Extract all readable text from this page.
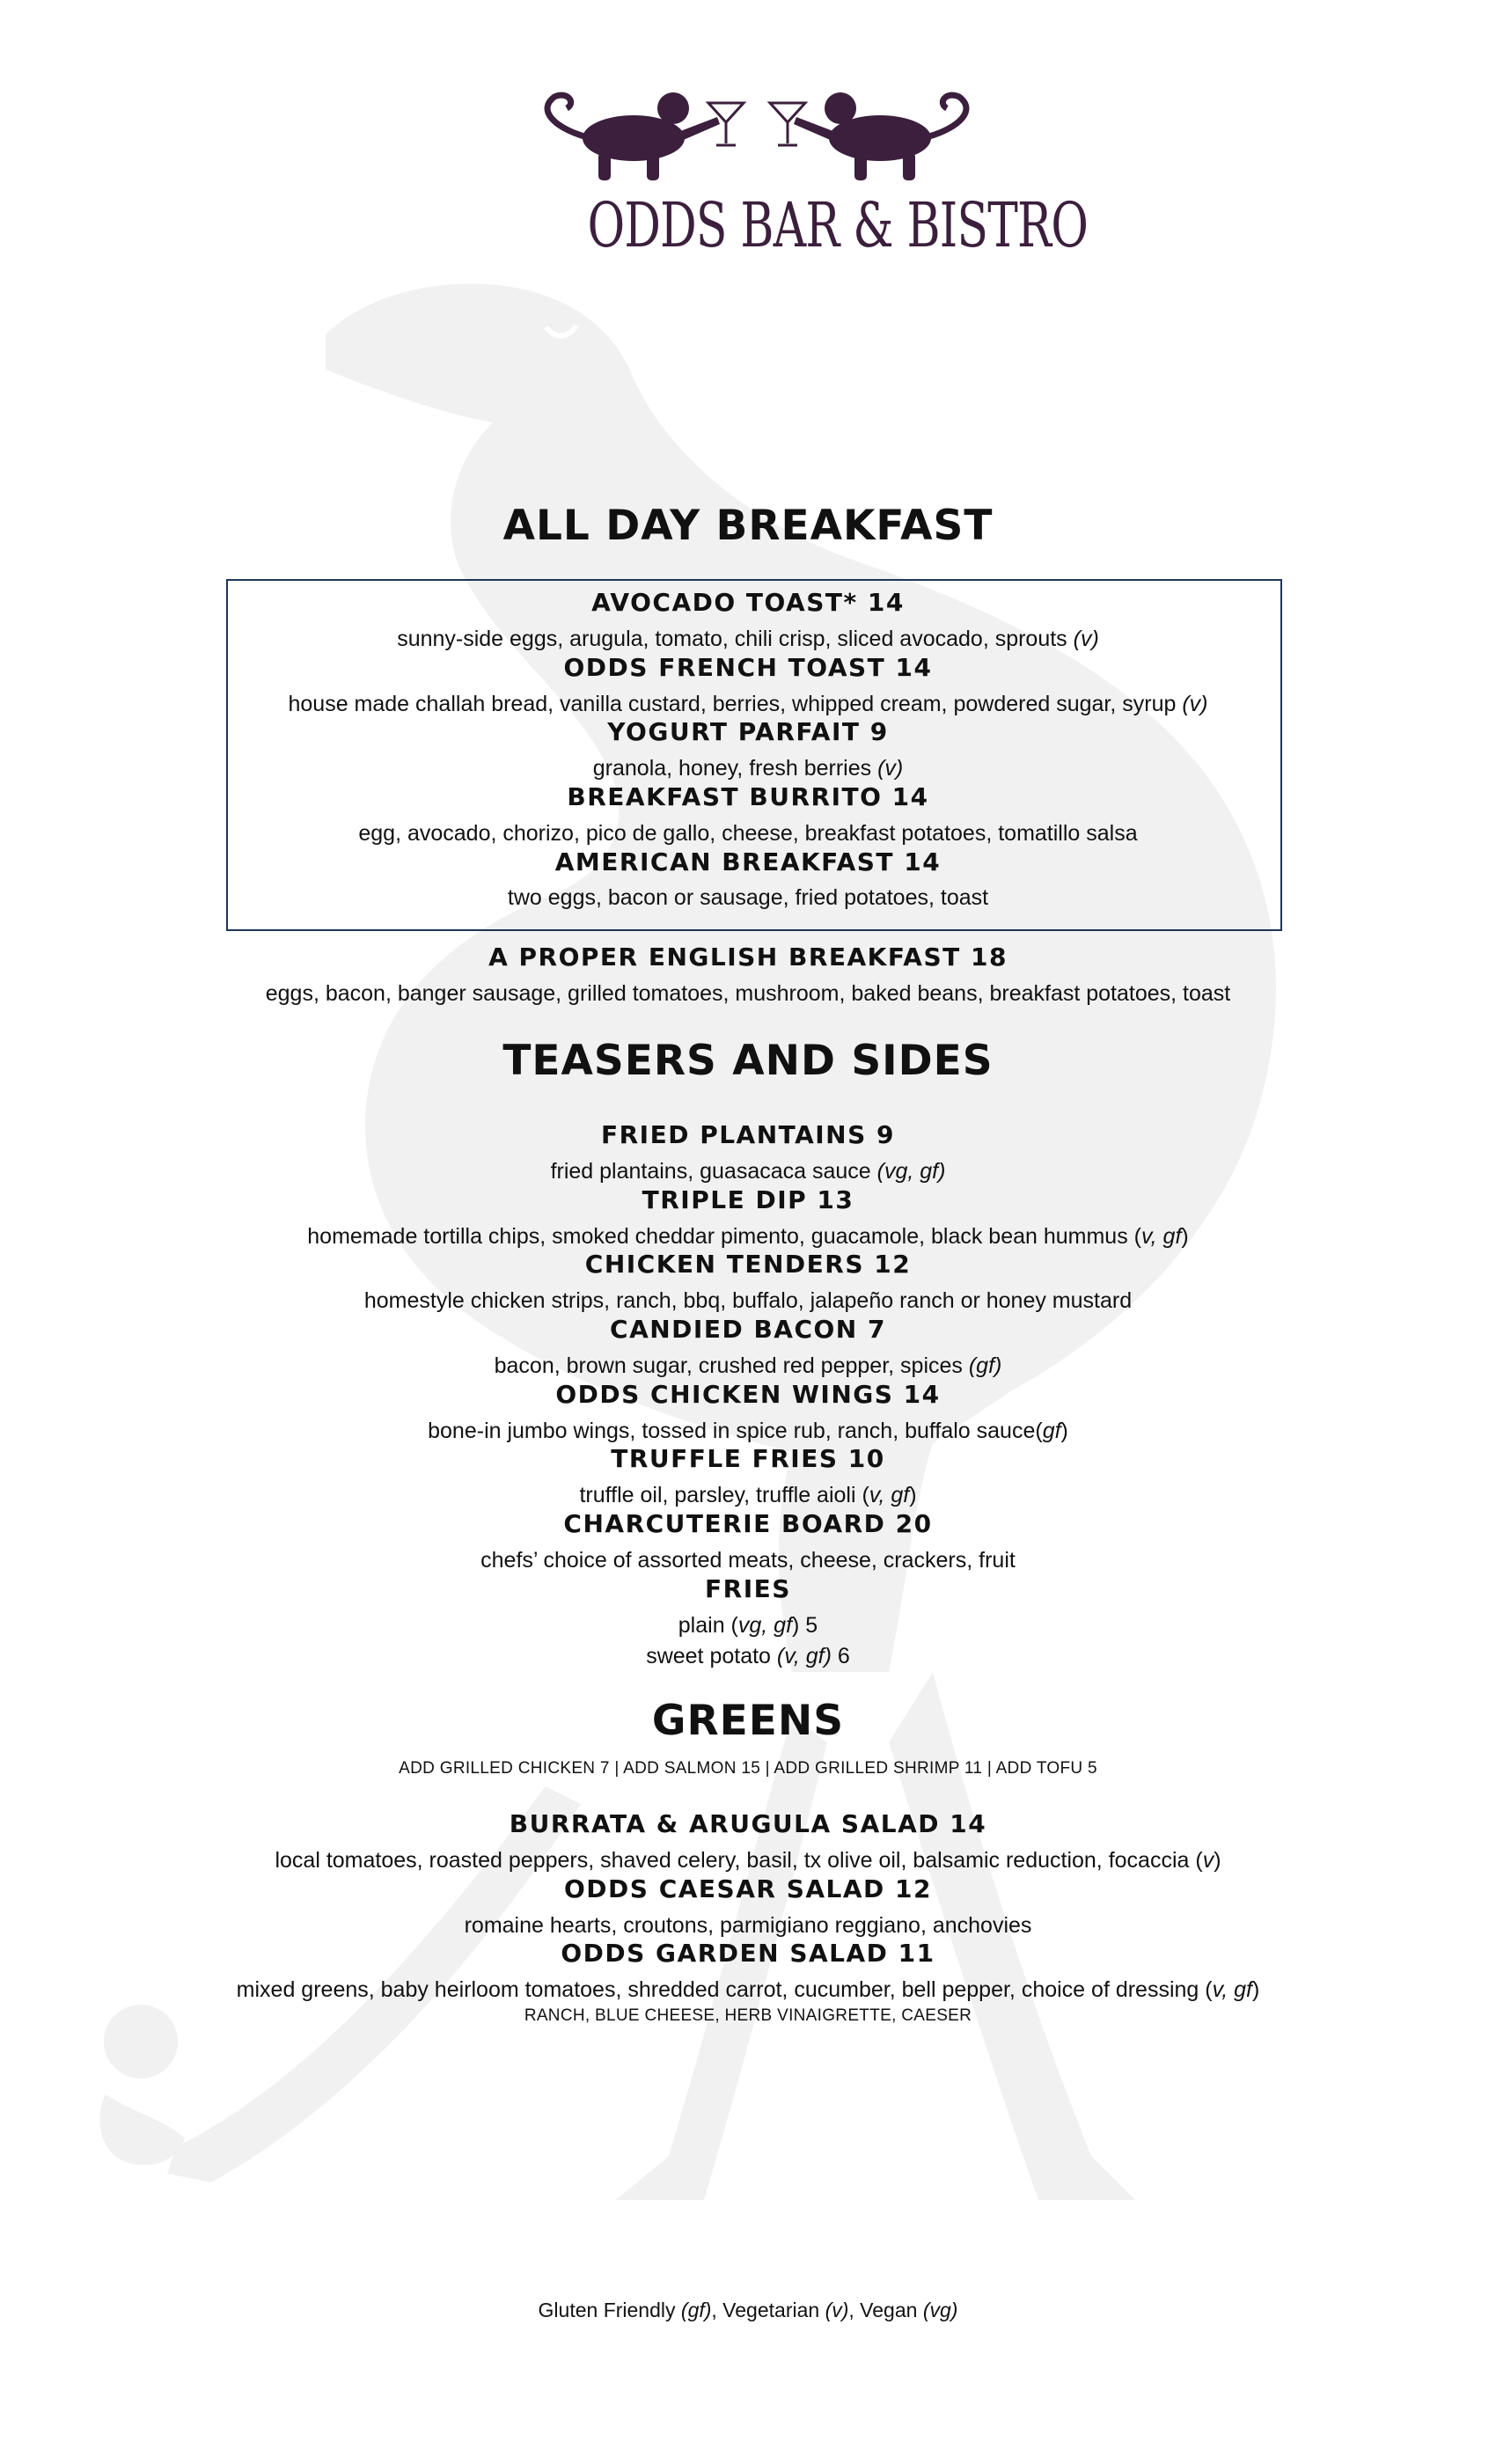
ODDS BAR & BISTRO
ALL DAY BREAKFAST
AVOCADO TOAST* 14
sunny-side eggs, arugula, tomato, chili crisp, sliced avocado, sprouts (v)
ODDS FRENCH TOAST 14
house made challah bread, vanilla custard, berries, whipped cream, powdered sugar, syrup (v)
YOGURT PARFAIT 9
granola, honey, fresh berries (v)
BREAKFAST BURRITO 14
egg, avocado, chorizo, pico de gallo, cheese, breakfast potatoes, tomatillo salsa
AMERICAN BREAKFAST 14
two eggs, bacon or sausage, fried potatoes, toast
A PROPER ENGLISH BREAKFAST 18
eggs, bacon, banger sausage, grilled tomatoes, mushroom, baked beans, breakfast potatoes, toast
TEASERS AND SIDES
FRIED PLANTAINS 9
fried plantains, guasacaca sauce (vg, gf)
TRIPLE DIP 13
homemade tortilla chips, smoked cheddar pimento, guacamole, black bean hummus (v, gf)
CHICKEN TENDERS 12
homestyle chicken strips, ranch, bbq, buffalo, jalapeño ranch or honey mustard
CANDIED BACON 7
bacon, brown sugar, crushed red pepper, spices (gf)
ODDS CHICKEN WINGS 14
bone-in jumbo wings, tossed in spice rub, ranch, buffalo sauce(gf)
TRUFFLE FRIES 10
truffle oil, parsley, truffle aioli (v, gf)
CHARCUTERIE BOARD 20
chefs’ choice of assorted meats, cheese, crackers, fruit
FRIES
plain (vg, gf) 5
sweet potato (v, gf) 6
GREENS
ADD GRILLED CHICKEN 7 | ADD SALMON 15 | ADD GRILLED SHRIMP 11 | ADD TOFU 5
BURRATA & ARUGULA SALAD 14
local tomatoes, roasted peppers, shaved celery, basil, tx olive oil, balsamic reduction, focaccia (v)
ODDS CAESAR SALAD 12
romaine hearts, croutons, parmigiano reggiano, anchovies
ODDS GARDEN SALAD 11
mixed greens, baby heirloom tomatoes, shredded carrot, cucumber, bell pepper, choice of dressing (v, gf)
RANCH, BLUE CHEESE, HERB VINAIGRETTE, CAESER
Gluten Friendly (gf), Vegetarian (v), Vegan (vg)
